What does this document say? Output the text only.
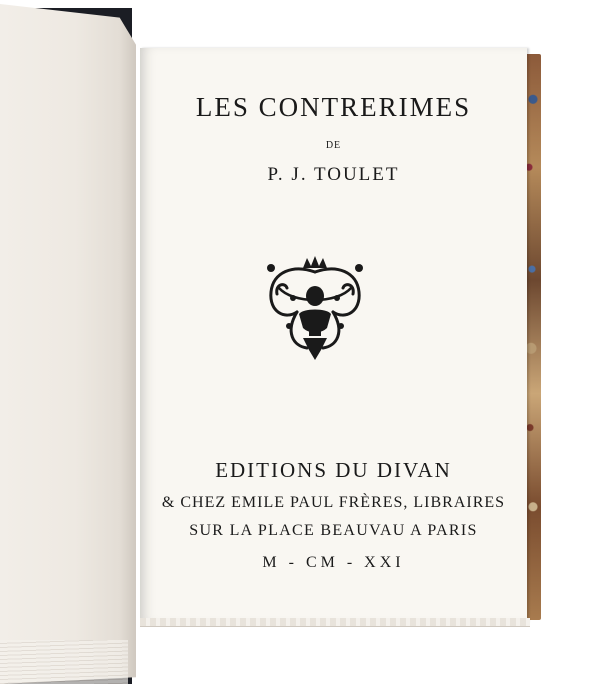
LES CONTRERIMES

DE

P. J. TOULET

EDITIONS DU DIVAN

& CHEZ EMILE PAUL FRÈRES, LIBRAIRES

SUR LA PLACE BEAUVAU A PARIS

M - CM - XXI
